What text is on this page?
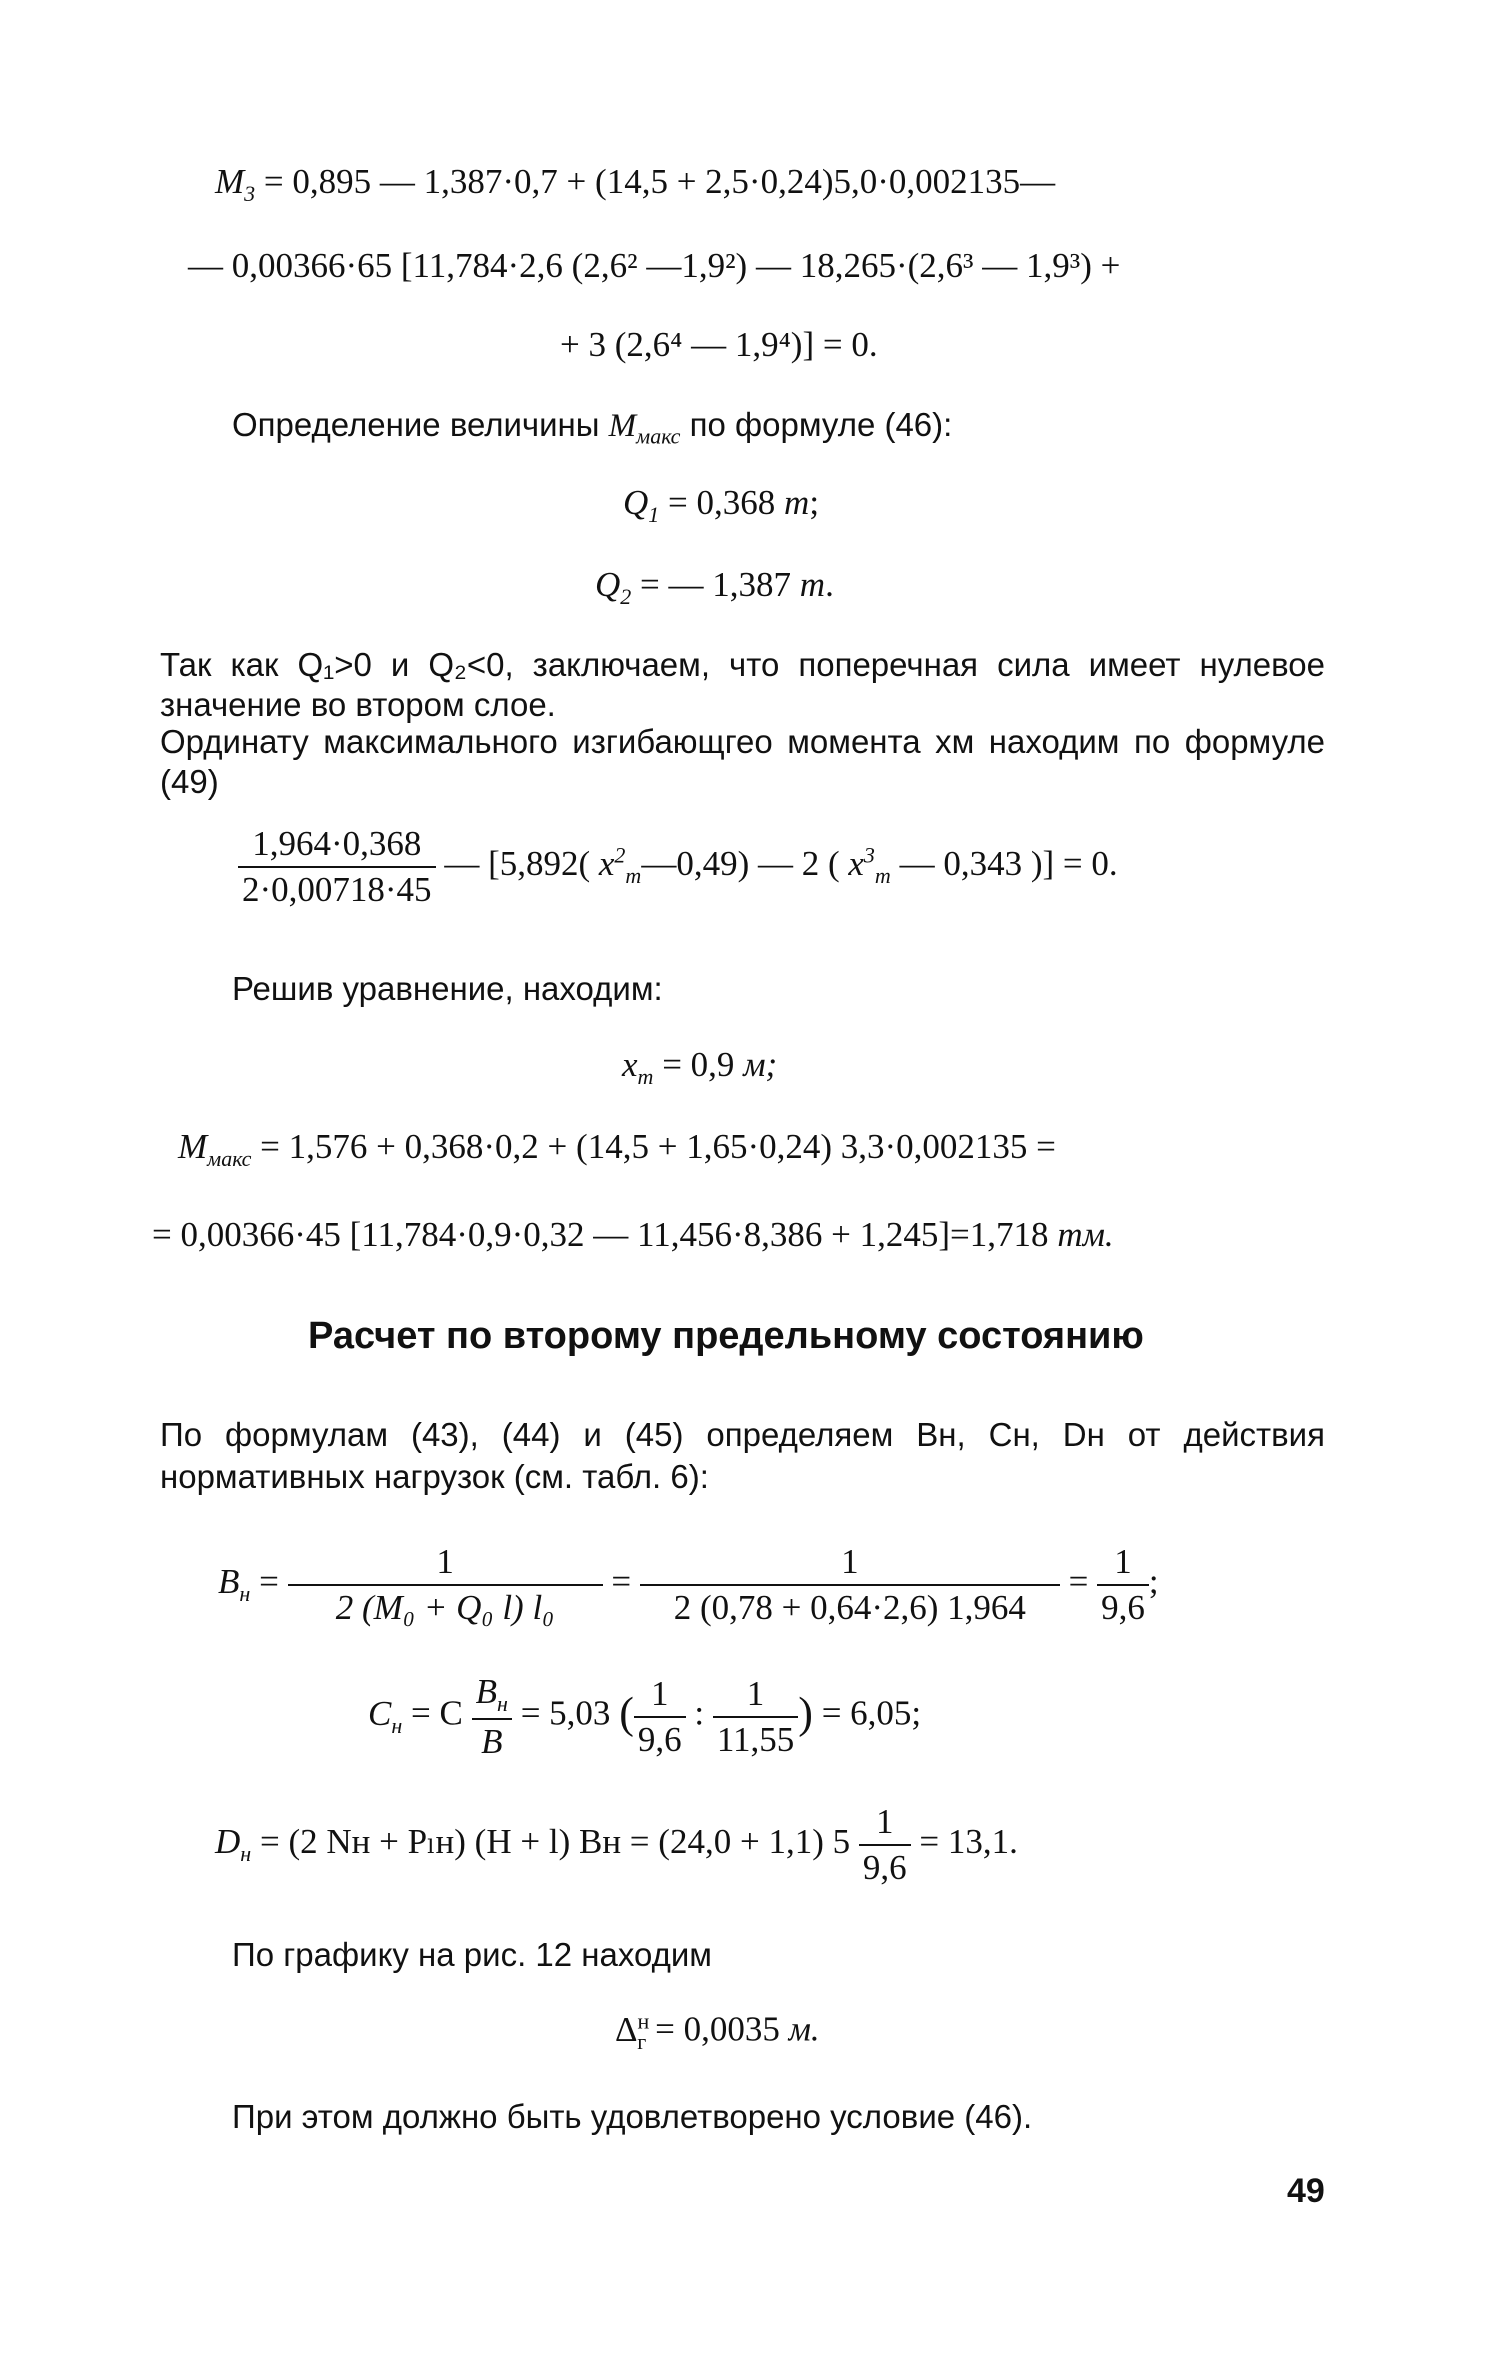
$M_3 = 0,895$ — 1,387·0,7 + (14,5 + 2,5·0,24)5,0·0,002135—
— 0,00366·65 [11,784·2,6 (2,6² —1,9²) — 18,265·(2,6³ — 1,9³) +
+ 3 (2,6⁴ — 1,9⁴)] = 0.
Определение величины $M_{макс}$ по формуле (46):
$Q_1 = 0,368$ т;
$Q_2$ = — 1,387 т.
Так как Q₁>0 и Q₂<0, заключаем, что поперечная сила имеет нулевое значение во втором слое.
Ординату максимального изгибающгео момента xм находим по формуле (49)
$\frac{1,964\cdot 0,368}{2\cdot 0,00718\cdot 45}$ — [5,892( $x^2_m—0,49$) — 2 ( $x^3_m$ — 0,343 )] = 0.
Решив уравнение, находим:
$x_m = 0,9$ м;
$M_{макс} = 1,576 + 0,368\cdot 0,2 + (14,5 + 1,65\cdot 0,24) 3,3\cdot 0,002135$ =
= 0,00366·45 [11,784·0,9·0,32 — 11,456·8,386 + 1,245]=1,718 тм.
Расчет по второму предельному состоянию
По формулам (43), (44) и (45) определяем Bн, Cн, Dн от действия нормативных нагрузок (см. табл. 6):
$B_н = \frac{1}{\text{2 (M₀ + Q₀ l) l₀}} = \frac{1}{2 (0,78 + 0,64\cdot 2,6) 1,964} = \frac{1}{9,6}$ ;
$C_н = C \frac{B_н}{B} = 5,03$ ( $\frac{1}{9,6}$ : $\frac{1}{11,55}$ ) = 6,05;
$D_н = (2$ Nн + Pₗн) (H + l) Bн = (24,0 + 1,1) $5 \frac{1}{9,6} = 13,1$.
По графику на рис. 12 находим
$\Delta^н_г = 0,0035$ м.
При этом должно быть удовлетворено условие (46).
49
